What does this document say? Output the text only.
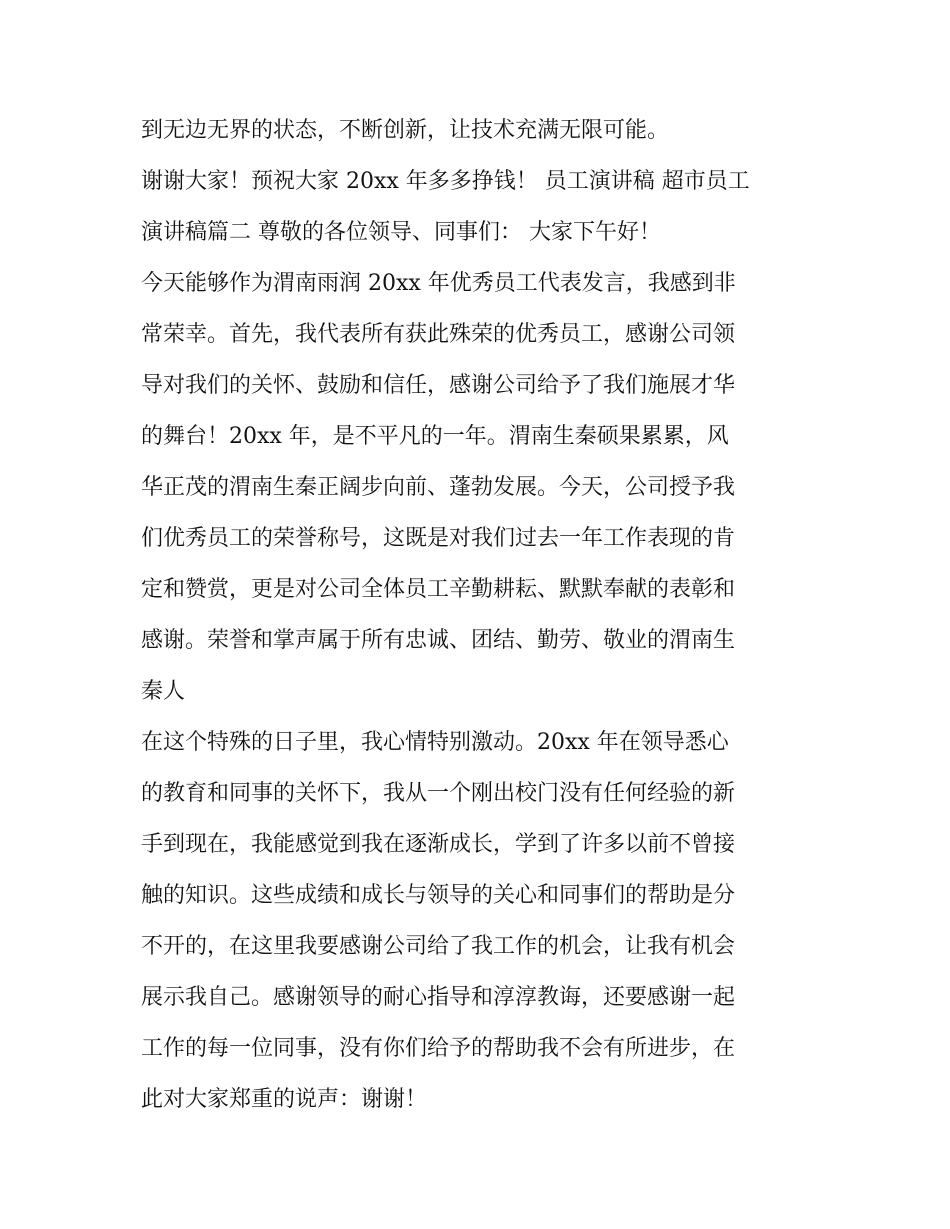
到无边无界的状态，不断创新，让技术充满无限可能。
谢谢大家！预祝大家 20xx 年多多挣钱！ 员工演讲稿 超市员工
演讲稿篇二 尊敬的各位领导、同事们： 大家下午好！
今天能够作为渭南雨润 20xx 年优秀员工代表发言，我感到非
常荣幸。首先，我代表所有获此殊荣的优秀员工，感谢公司领
导对我们的关怀、鼓励和信任，感谢公司给予了我们施展才华
的舞台！20xx 年，是不平凡的一年。渭南生秦硕果累累，风
华正茂的渭南生秦正阔步向前、蓬勃发展。今天，公司授予我
们优秀员工的荣誉称号，这既是对我们过去一年工作表现的肯
定和赞赏，更是对公司全体员工辛勤耕耘、默默奉献的表彰和
感谢。荣誉和掌声属于所有忠诚、团结、勤劳、敬业的渭南生
秦人
在这个特殊的日子里，我心情特别激动。20xx 年在领导悉心
的教育和同事的关怀下，我从一个刚出校门没有任何经验的新
手到现在，我能感觉到我在逐渐成长，学到了许多以前不曾接
触的知识。这些成绩和成长与领导的关心和同事们的帮助是分
不开的，在这里我要感谢公司给了我工作的机会，让我有机会
展示我自己。感谢领导的耐心指导和淳淳教诲，还要感谢一起
工作的每一位同事，没有你们给予的帮助我不会有所进步，在
此对大家郑重的说声：谢谢！
